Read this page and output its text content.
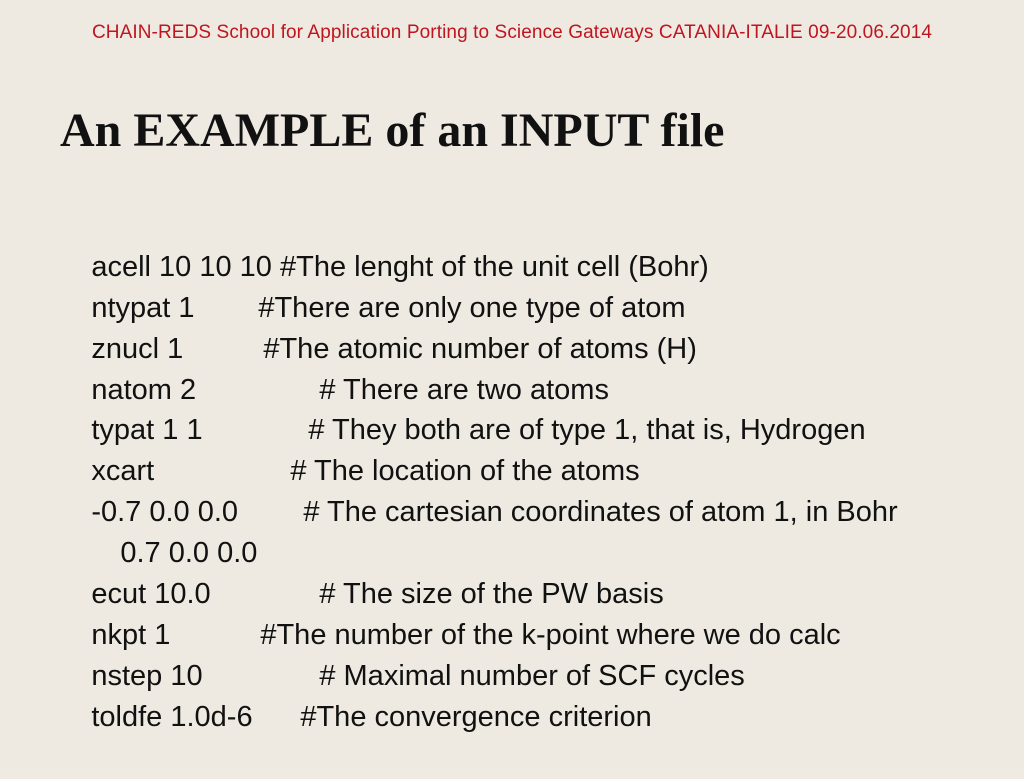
CHAIN-REDS School for Application Porting to Science Gateways CATANIA-ITALIE 09-20.06.2014
An EXAMPLE of an INPUT file

acell 10 10 10 #The lenght of the unit cell (Bohr)

ntypat 1 #There are only one type of atom

znucl 1	#The atomic number of atoms (H)

natom 2	# There are two atoms

typat 1 1	# They both are of type 1, that is, Hydrogen

xcart	# The location of the atoms

-0.7 0.0 0.0 # The cartesian coordinates of atom 1, in Bohr

0.7 0.0 0.0

ecut 10.0	# The size of the PW basis

nkpt 1	#The number of the k-point where we do calc

nstep 10	# Maximal number of SCF cycles

toldfe 1.0d-6 #The convergence criterion
